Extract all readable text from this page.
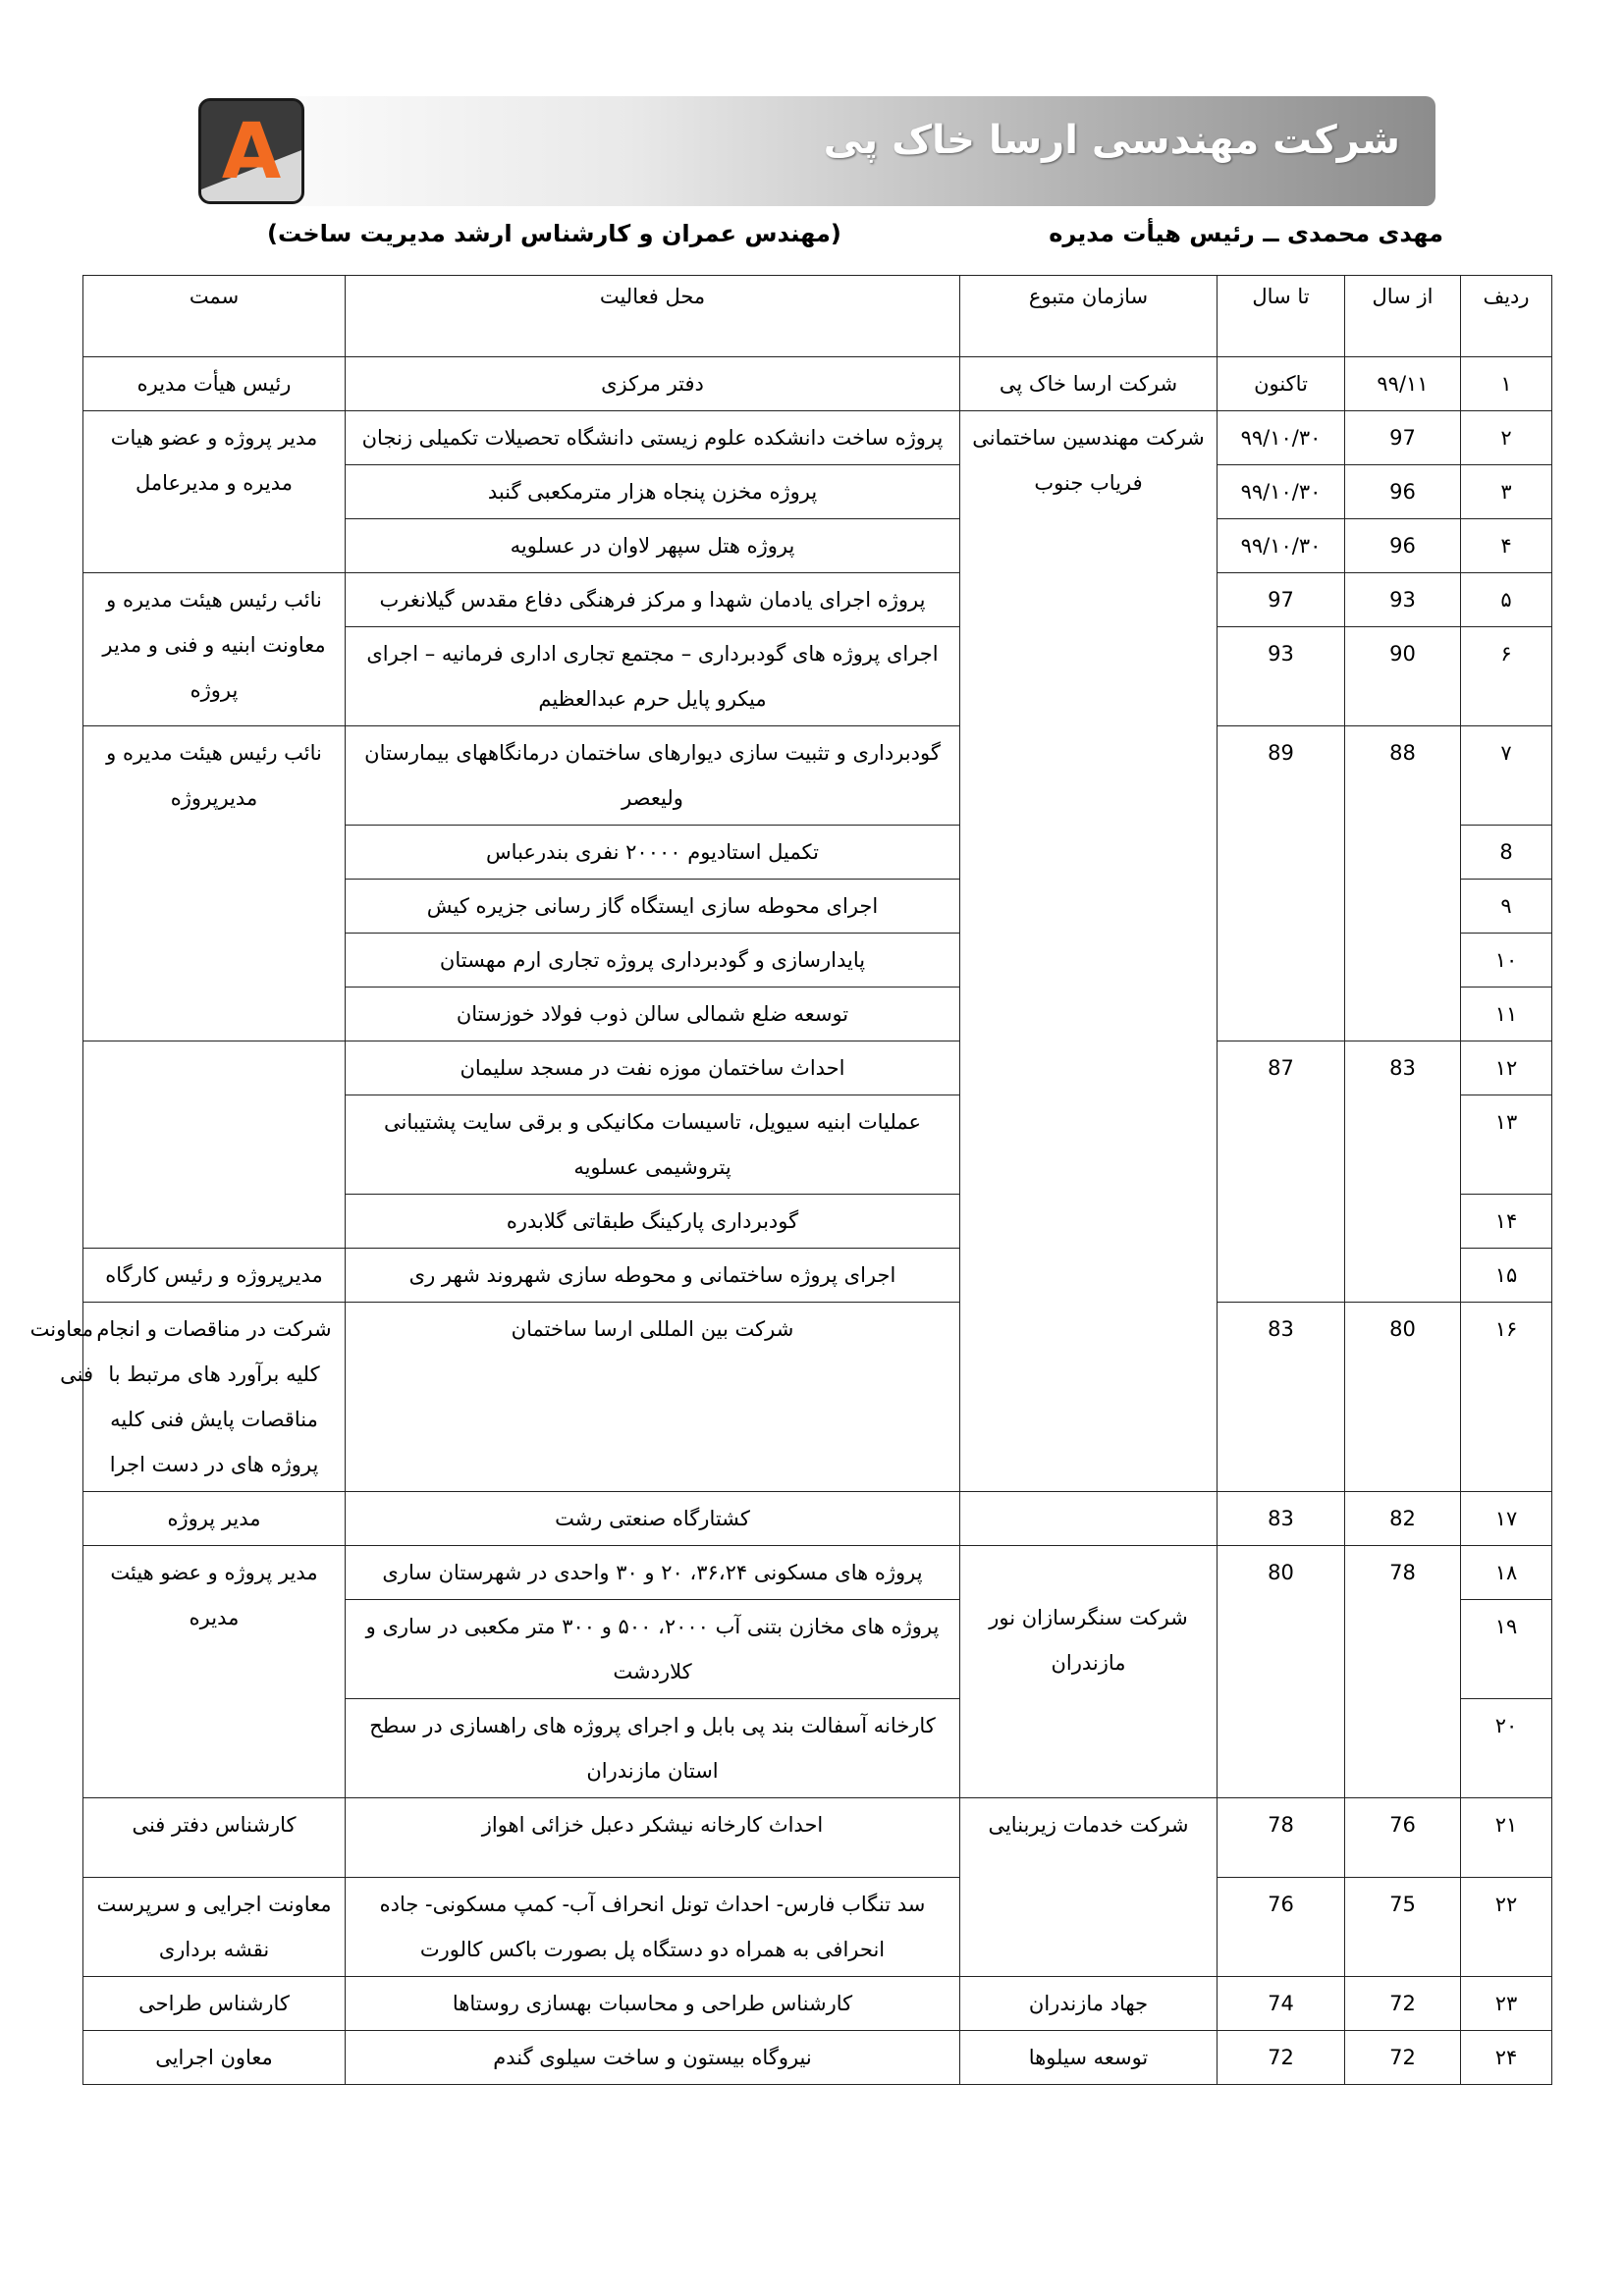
شرکت مهندسی ارسا خاک پی
A
مهدی محمدی ــ رئیس هیأت مدیره
(مهندس عمران و کارشناس ارشد مدیریت ساخت)
ردیف	از سال	تا سال	سازمان متبوع	محل فعالیت	سمت	
۱	۹۹/۱۱	تاکنون	شرکت ارسا خاک پی	دفتر مرکزی	رئیس هیأت مدیره	
۲	97	۹۹/۱۰/۳۰	شرکت مهندسین ساختمانی فریاب جنوب	پروژه ساخت دانشکده علوم زیستی دانشگاه تحصیلات تکمیلی زنجان	مدیر پروژه و عضو هیات مدیره و مدیرعامل	
۳	96	۹۹/۱۰/۳۰		پروژه مخزن پنجاه هزار مترمکعبی گنبد		
۴	96	۹۹/۱۰/۳۰		پروژه هتل سپهر لاوان در عسلویه		
۵	93	97		پروژه اجرای یادمان شهدا و مرکز فرهنگی دفاع مقدس گیلانغرب	نائب رئیس هیئت مدیره و معاونت ابنیه و فنی و مدیر پروژه	
۶	90	93		اجرای پروژه های گودبرداری – مجتمع تجاری اداری فرمانیه – اجرای میکرو پایل حرم عبدالعظیم		
۷	88	89		گودبرداری و تثبیت سازی دیوارهای ساختمان درمانگاههای بیمارستان ولیعصر	نائب رئیس هیئت مدیره و مدیرپروژه	
8				تکمیل استادیوم ۲۰۰۰۰ نفری بندرعباس		
۹				اجرای محوطه سازی ایستگاه گاز رسانی جزیره کیش		
۱۰				پایدارسازی و گودبرداری پروژه تجاری ارم مهستان		
۱۱				توسعه ضلع شمالی سالن ذوب فولاد خوزستان		
۱۲	83	87		احداث ساختمان موزه نفت در مسجد سلیمان		
۱۳				عملیات ابنیه سیویل، تاسیسات مکانیکی و برقی سایت پشتیبانی پتروشیمی عسلویه		
۱۴				گودبرداری پارکینگ طبقاتی گلابدره		
۱۵				اجرای پروژه ساختمانی و محوطه سازی شهروند شهر ری	مدیرپروژه و رئیس کارگاه	
۱۶	80	83		شرکت بین المللی ارسا ساختمان	شرکت در مناقصات و انجام کلیه برآورد های مرتبط با مناقصات پایش فنی کلیه پروژه های در دست اجرا	معاونت فنی
۱۷	82	83		کشتارگاه صنعتی رشت	مدیر پروژه	
۱۸	78	80	شرکت سنگرسازان نور مازندران	پروژه های مسکونی ۳۶،۲۴، ۲۰ و ۳۰ واحدی در شهرستان ساری	مدیر پروژه و عضو هیئت مدیره	
۱۹				پروژه های مخازن بتنی آب ۲۰۰۰، ۵۰۰ و ۳۰۰ متر مکعبی در ساری و کلاردشت		
۲۰				کارخانه آسفالت بند پی بابل و اجرای پروژه های راهسازی در سطح استان مازندران		
۲۱	76	78	شرکت خدمات زیربنایی	احداث کارخانه نیشکر دعبل خزائی اهواز	کارشناس دفتر فنی	
۲۲	75	76		سد تنگاب فارس- احداث تونل انحراف آب- کمپ مسکونی- جاده انحرافی به همراه دو دستگاه پل بصورت باکس کالورت	معاونت اجرایی و سرپرست نقشه برداری	
۲۳	72	74	جهاد مازندران	کارشناس طراحی و محاسبات بهسازی روستاها	کارشناس طراحی	
۲۴	72	72	توسعه سیلوها	نیروگاه بیستون و ساخت سیلوی گندم	معاون اجرایی	
